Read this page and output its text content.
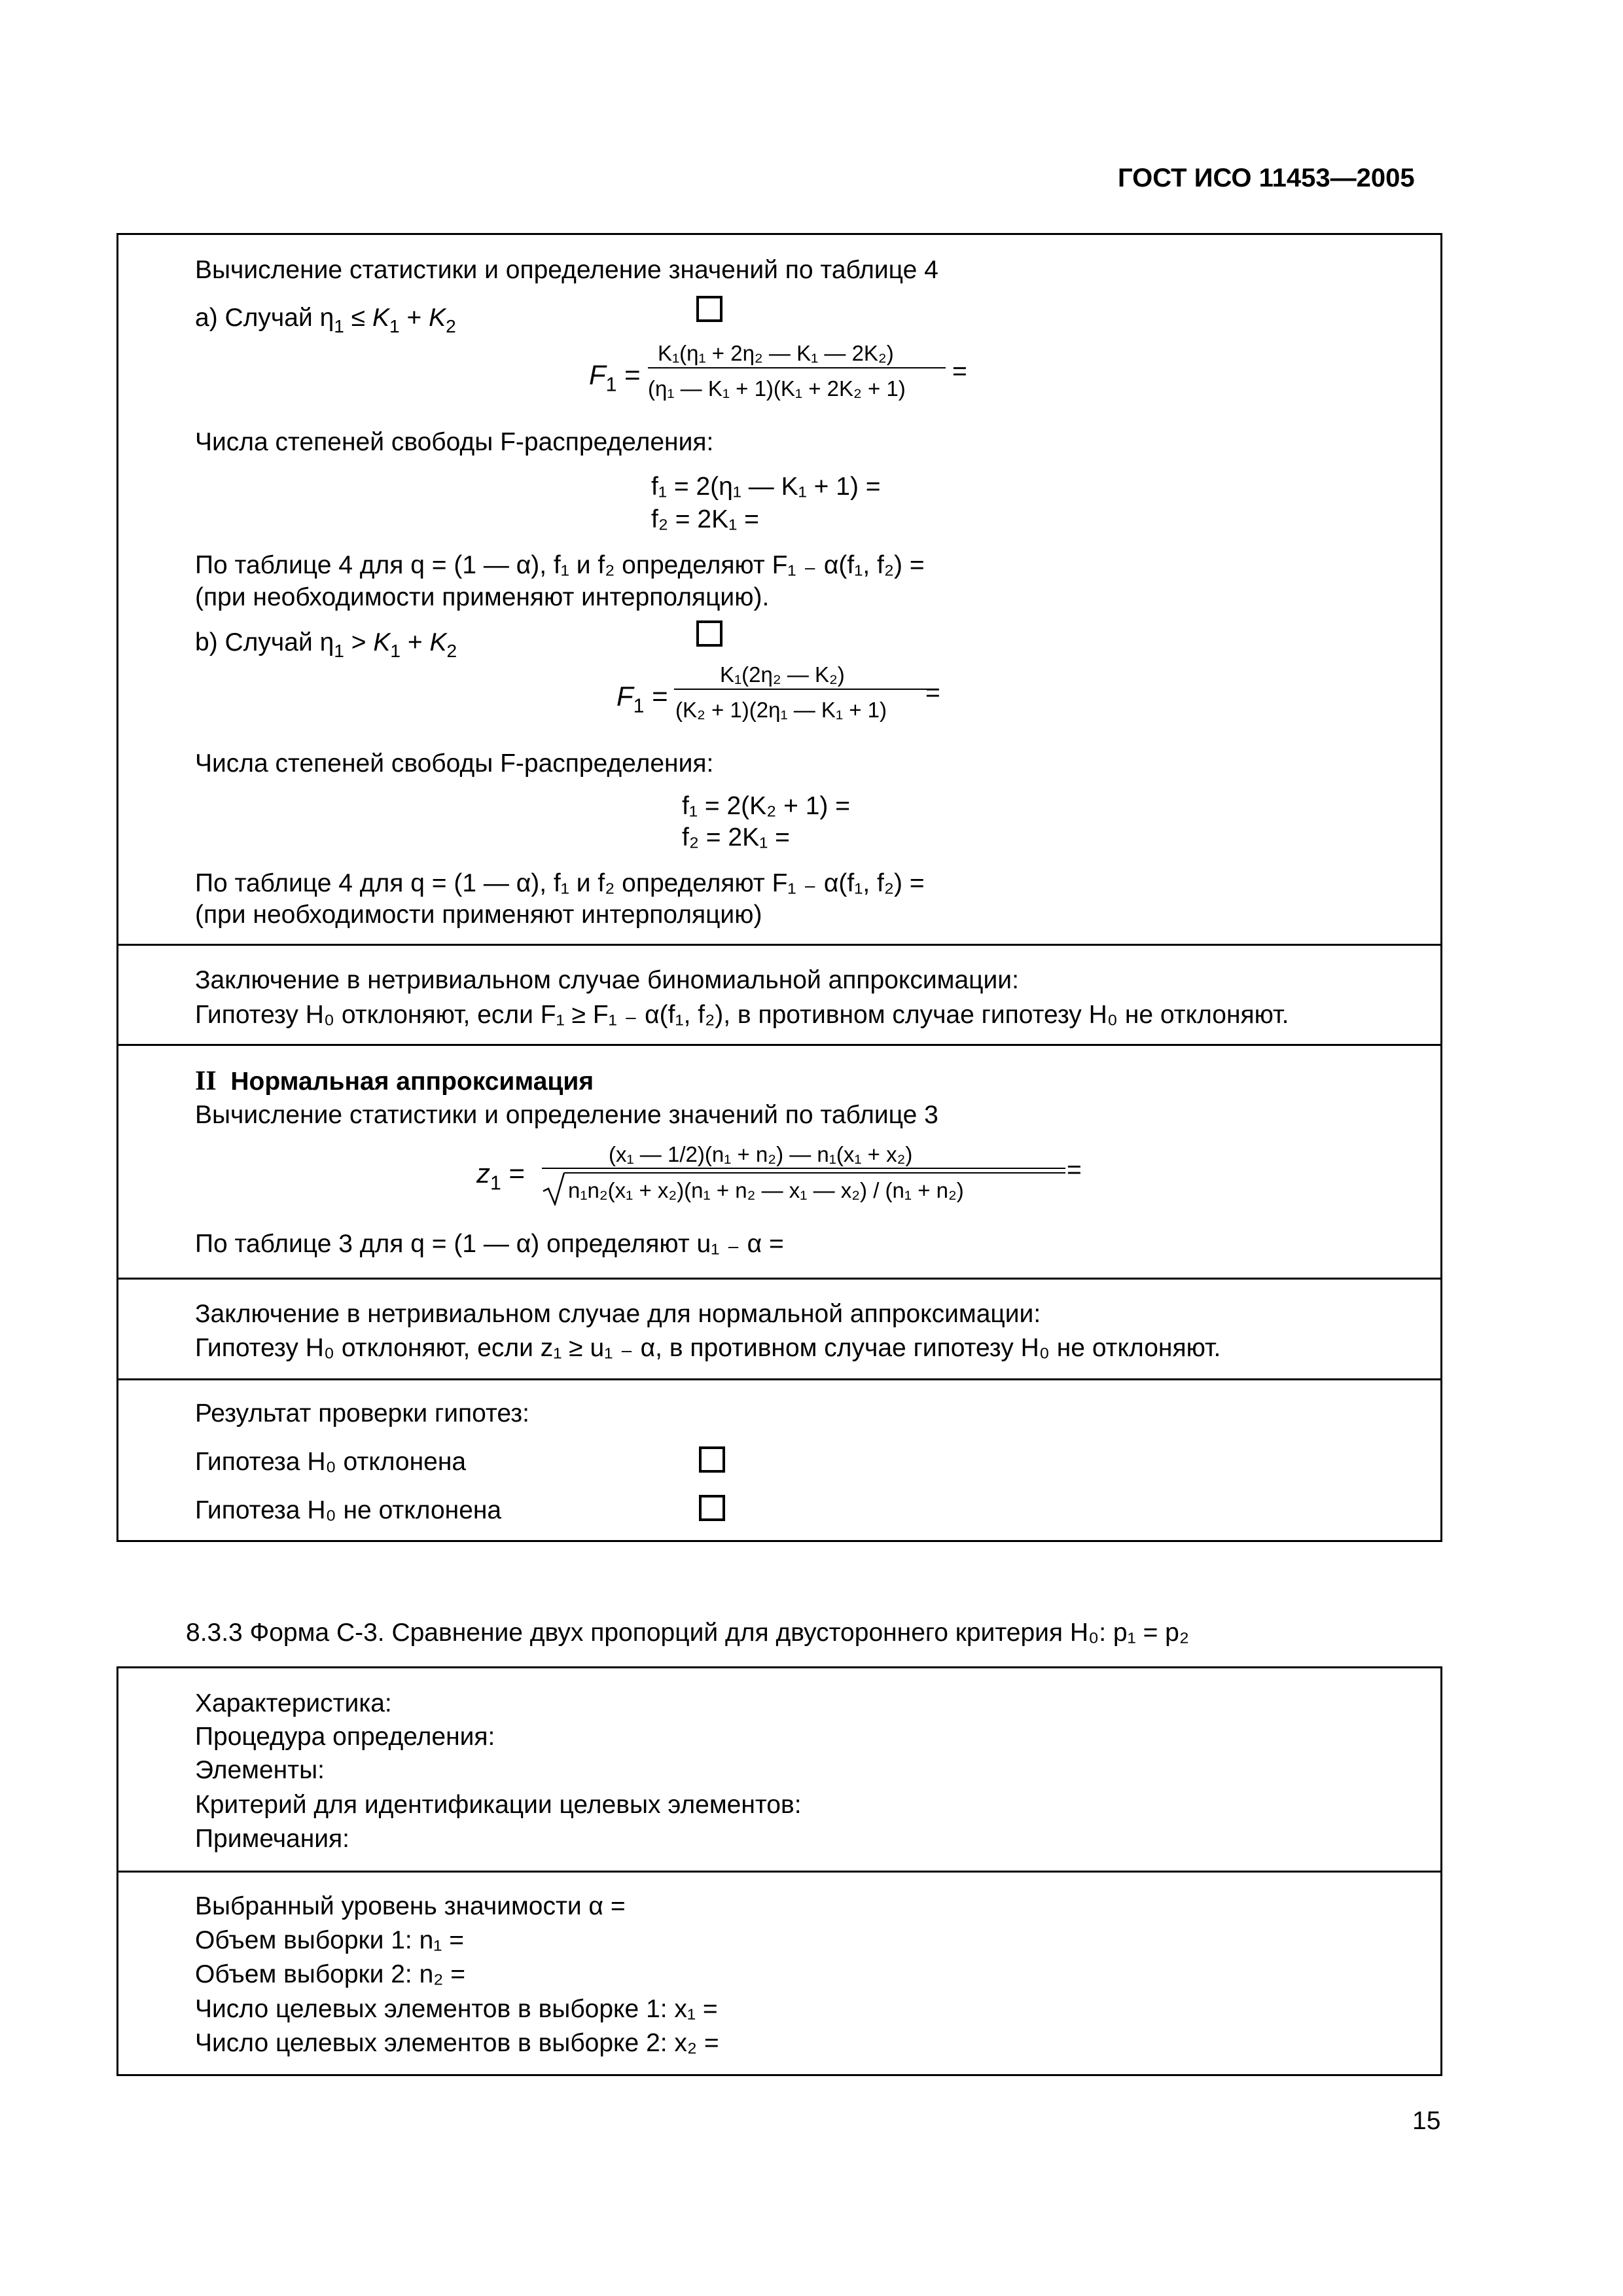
ГОСТ ИСО 11453—2005
Вычисление статистики и определение значений по таблице 4
a) Случай $\eta_1 \le K_1 + K_2$
$F_1$ =
K₁(η₁ + 2η₂ — K₁ — 2K₂)
(η₁ — K₁ + 1)(K₁ + 2K₂ + 1)
=
Числа степеней свободы F-распределения:
f₁ = 2(η₁ — K₁ + 1) =
f₂ = 2K₁ =
По таблице 4 для q = (1 — α), f₁ и f₂ определяют F₁ ₋ α(f₁, f₂) =
(при необходимости применяют интерполяцию).
b) Случай $\eta_1 > K_1 + K_2$
$F_1$ =
K₁(2η₂ — K₂)
(K₂ + 1)(2η₁ — K₁ + 1)
=
Числа степеней свободы F-распределения:
f₁ = 2(K₂ + 1) =
f₂ = 2K₁ =
По таблице 4 для q = (1 — α), f₁ и f₂ определяют F₁ ₋ α(f₁, f₂) =
(при необходимости применяют интерполяцию)
Заключение в нетривиальном случае биномиальной аппроксимации:
Гипотезу H₀ отклоняют, если F₁ ≥ F₁ ₋ α(f₁, f₂), в противном случае гипотезу H₀ не отклоняют.
II Нормальная аппроксимация
Вычисление статистики и определение значений по таблице 3
$z_1$ =
(x₁ — 1/2)(n₁ + n₂) — n₁(x₁ + x₂)
n₁n₂(x₁ + x₂)(n₁ + n₂ — x₁ — x₂) / (n₁ + n₂)
=
По таблице 3 для q = (1 — α) определяют u₁ ₋ α =
Заключение в нетривиальном случае для нормальной аппроксимации:
Гипотезу H₀ отклоняют, если z₁ ≥ u₁ ₋ α, в противном случае гипотезу H₀ не отклоняют.
Результат проверки гипотез:
Гипотеза H₀ отклонена
Гипотеза H₀ не отклонена
8.3.3 Форма С-3. Сравнение двух пропорций для двустороннего критерия H₀: p₁ = p₂
Характеристика:
Процедура определения:
Элементы:
Критерий для идентификации целевых элементов:
Примечания:
Выбранный уровень значимости α =
Объем выборки 1: n₁ =
Объем выборки 2: n₂ =
Число целевых элементов в выборке 1: x₁ =
Число целевых элементов в выборке 2: x₂ =
15
